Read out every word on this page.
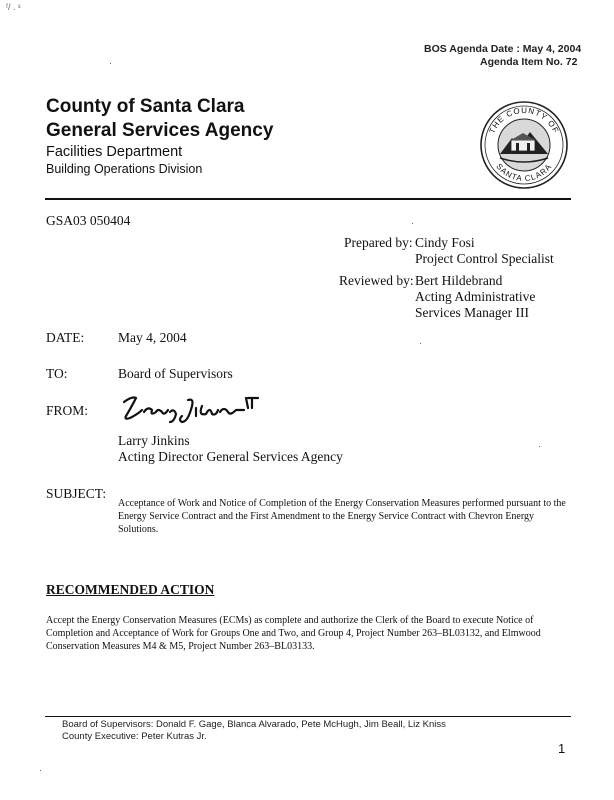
ᶠ/ . ᵋ
BOS Agenda Date : May 4, 2004
Agenda Item No. 72
County of Santa Clara
General Services Agency
Facilities Department
Building Operations Division
THE COUNTY OF
SANTA CLARA
GSA03 050404
Prepared by: Cindy Fosi
Project Control Specialist
Reviewed by: Bert Hildebrand
Acting Administrative
Services Manager III
DATE:	May 4, 2004
TO:	Board of Supervisors
FROM:
Larry Jinkins
Acting Director General Services Agency
SUBJECT:
Acceptance of Work and Notice of Completion of the Energy Conservation Measures performed pursuant to the Energy Service Contract and the First Amendment to the Energy Service Contract with Chevron Energy Solutions.
RECOMMENDED ACTION
Accept the Energy Conservation Measures (ECMs) as complete and authorize the Clerk of the Board to execute Notice of Completion and Acceptance of Work for Groups One and Two, and Group 4, Project Number 263–BL03132, and Elmwood Conservation Measures M4 & M5, Project Number 263–BL03133.
Board of Supervisors: Donald F. Gage, Blanca Alvarado, Pete McHugh, Jim Beall, Liz Kniss
County Executive: Peter Kutras Jr.
1
